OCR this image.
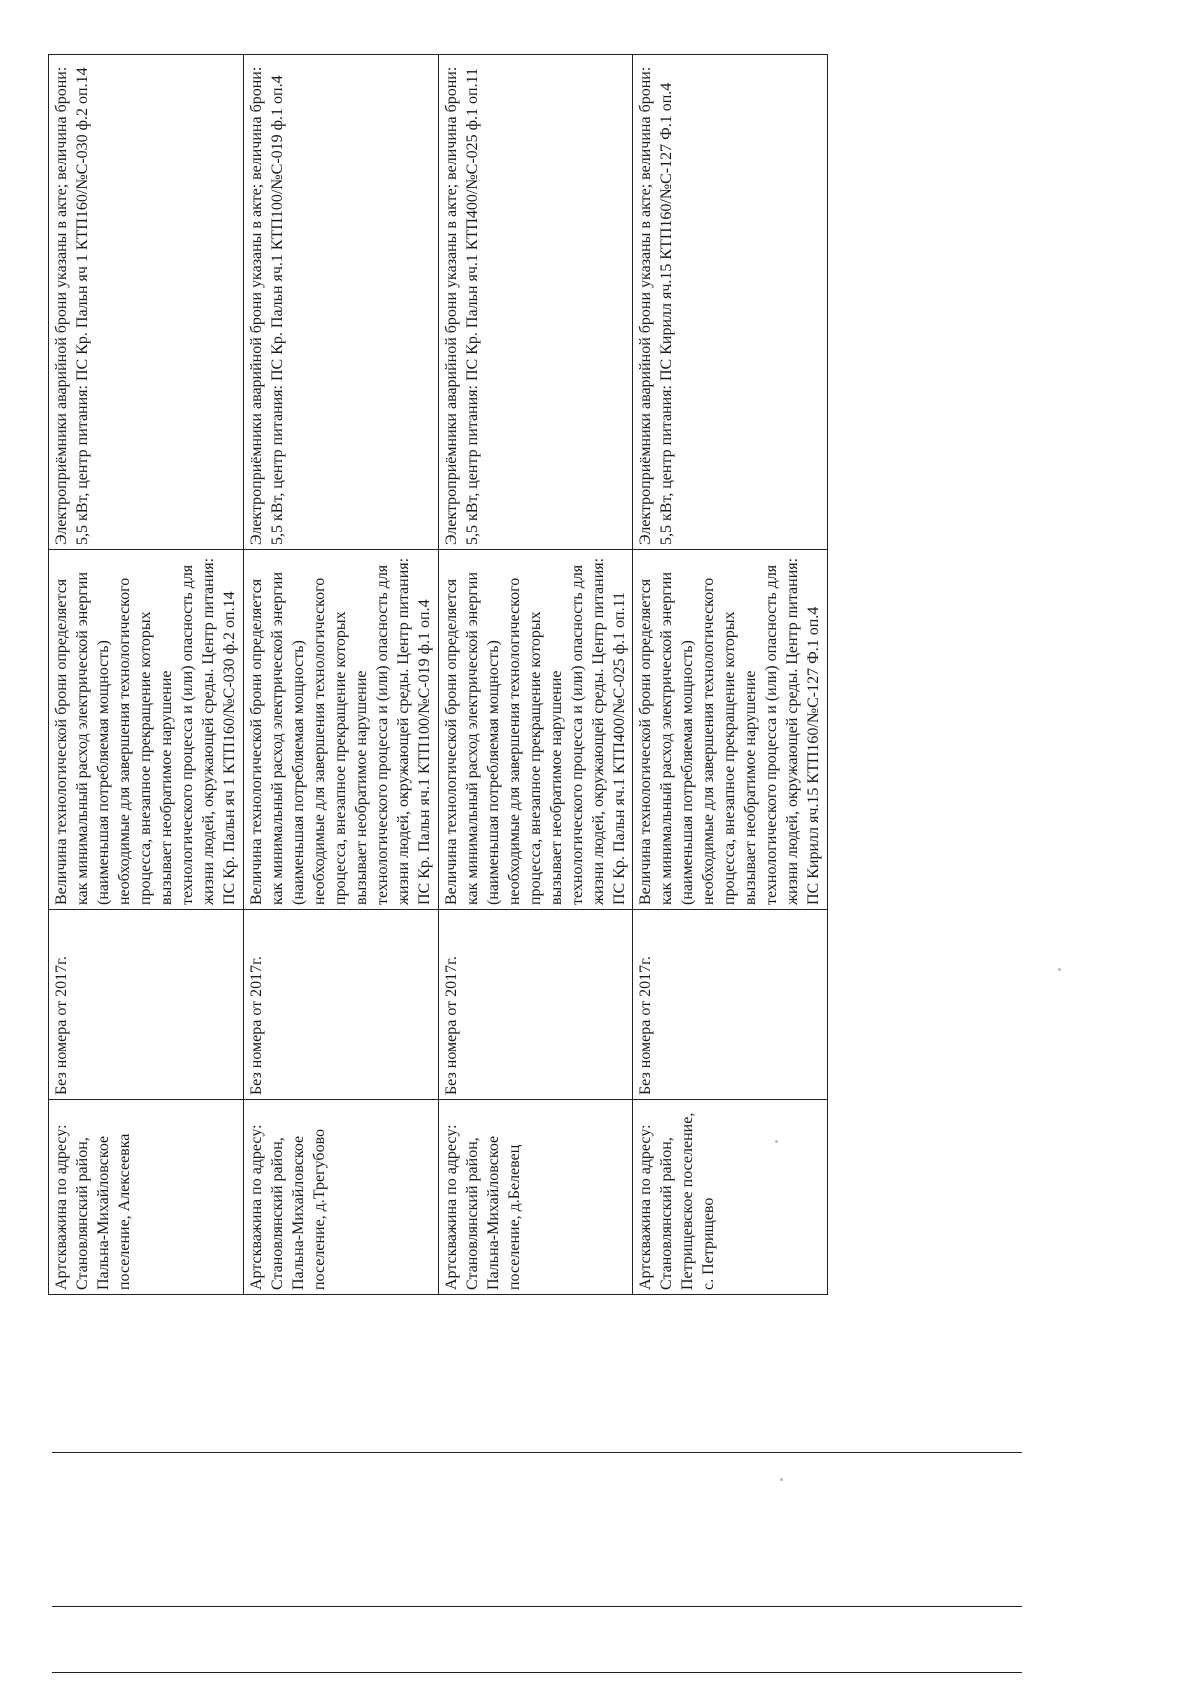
Артскважина по адресу: Становлянский район, Пальна-Михайловское поселение, Алексеевка	Без номера от 2017г.	Величина технологической брони определяется как минимальный расход электрической энергии (наименьшая потребляемая мощность) необходимые для завершения технологического процесса, внезапное прекращение которых вызывает необратимое нарушение технологического процесса и (или) опасность для жизни людей, окружающей среды. Центр питания: ПС Кр. Пальн яч 1 КТП160/№С-030 ф.2 оп.14	Электроприёмники аварийной брони указаны в акте; величина брони: 5,5 кВт, центр питания: ПС Кр. Пальн яч 1 КТП160/№С-030 ф.2 оп.14
Артскважина по адресу: Становлянский район, Пальна-Михайловское поселение, д.Трегубово	Без номера от 2017г.	Величина технологической брони определяется как минимальный расход электрической энергии (наименьшая потребляемая мощность) необходимые для завершения технологического процесса, внезапное прекращение которых вызывает необратимое нарушение технологического процесса и (или) опасность для жизни людей, окружающей среды. Центр питания: ПС Кр. Пальн яч.1 КТП100/№С-019 ф.1 оп.4	Электроприёмники аварийной брони указаны в акте; величина брони: 5,5 кВт, центр питания: ПС Кр. Пальн яч.1 КТП100/№С-019 ф.1 оп.4
Артскважина по адресу: Становлянский район, Пальна-Михайловское поселение, д.Белевец	Без номера от 2017г.	Величина технологической брони определяется как минимальный расход электрической энергии (наименьшая потребляемая мощность) необходимые для завершения технологического процесса, внезапное прекращение которых вызывает необратимое нарушение технологического процесса и (или) опасность для жизни людей, окружающей среды. Центр питания: ПС Кр. Пальн яч.1 КТП400/№С-025 ф.1 оп.11	Электроприёмники аварийной брони указаны в акте; величина брони: 5,5 кВт, центр питания: ПС Кр. Пальн яч.1 КТП400/№С-025 ф.1 оп.11
Артскважина по адресу: Становлянский район, Петрищевское поселение, с. Петрищево	Без номера от 2017г.	Величина технологической брони определяется как минимальный расход электрической энергии (наименьшая потребляемая мощность) необходимые для завершения технологического процесса, внезапное прекращение которых вызывает необратимое нарушение технологического процесса и (или) опасность для жизни людей, окружающей среды. Центр питания: ПС Кирилл яч.15 КТП160/№С-127 Ф.1 оп.4	Электроприёмники аварийной брони указаны в акте; величина брони: 5,5 кВт, центр питания: ПС Кирилл яч.15 КТП160/№С-127 Ф.1 оп.4
